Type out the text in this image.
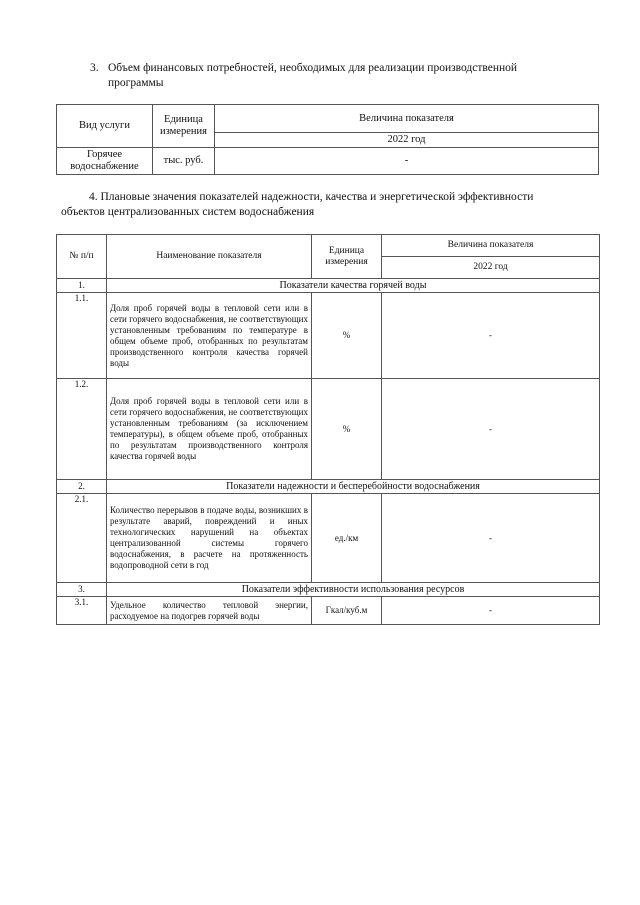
3. Объем финансовых потребностей, необходимых для реализации производственной
программы
Вид услуги	Единица измерения	Величина показателя
		2022 год
Горячее водоснабжение	тыс. руб.	-
4. Плановые значения показателей надежности, качества и энергетической эффективности
объектов централизованных систем водоснабжения
№ п/п	Наименование показателя	Единица измерения	Величина показателя
			2022 год
1.	Показатели качества горячей воды		
1.1.	Доля проб горячей воды в тепловой сети или в сети горячего водоснабжения, не соответствующих установленным требованиям по температуре в общем объеме проб, отобранных по результатам производственного контроля качества горячей воды	%	-
1.2.	Доля проб горячей воды в тепловой сети или в сети горячего водоснабжения, не соответствующих установленным требованиям (за исключением температуры), в общем объеме проб, отобранных по результатам производственного контроля качества горячей воды	%	-
2.	Показатели надежности и бесперебойности водоснабжения		
2.1.	Количество перерывов в подаче воды, возникших в результате аварий, повреждений и иных технологических нарушений на объектах централизованной системы горячего водоснабжения, в расчете на протяженность водопроводной сети в год	ед./км	-
3.	Показатели эффективности использования ресурсов		
3.1.	Удельное количество тепловой энергии, расходуемое на подогрев горячей воды	Гкал/куб.м	-
